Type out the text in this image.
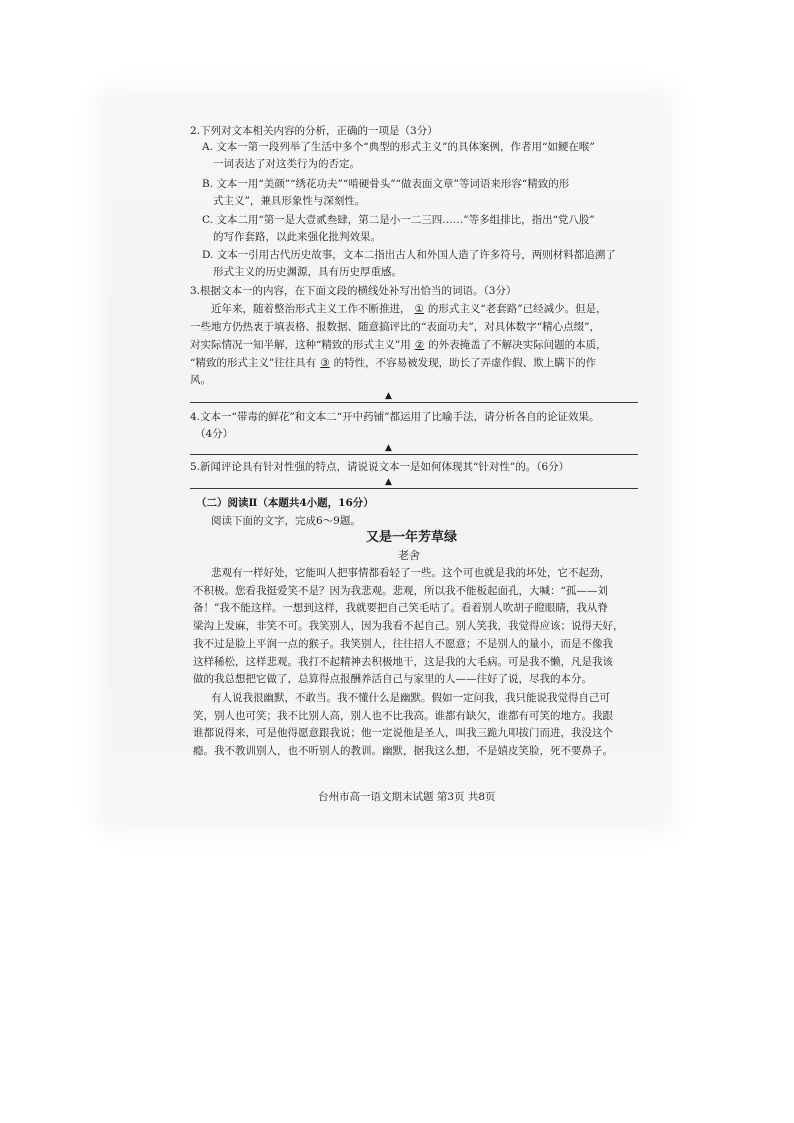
2.下列对文本相关内容的分析，正确的一项是（3分）
A. 文本一第一段列举了生活中多个“典型的形式主义”的具体案例，作者用“如鲠在喉”
一词表达了对这类行为的否定。
B. 文本一用“美颜”“绣花功夫”“啃硬骨头”“做表面文章”等词语来形容“精致的形
式主义”，兼具形象性与深刻性。
C. 文本二用“第一是大壹贰叁肆，第二是小一二三四……”等多组排比，指出“党八股”
的写作套路，以此来强化批判效果。
D. 文本一引用古代历史故事，文本二指出古人和外国人造了许多符号，两则材料都追溯了
形式主义的历史渊源，具有历史厚重感。
3.根据文本一的内容，在下面文段的横线处补写出恰当的词语。（3分）
近年来，随着整治形式主义工作不断推进， ① 的形式主义“老套路”已经减少。但是，
一些地方仍热衷于填表格、报数据、随意搞评比的“表面功夫”，对具体数字“精心点缀”，
对实际情况一知半解，这种“精致的形式主义”用 ② 的外表掩盖了不解决实际问题的本质，
“精致的形式主义”往往具有 ③ 的特性，不容易被发现，助长了弄虚作假、欺上瞒下的作
风。
▲
4.文本一“带毒的鲜花”和文本二“开中药铺”都运用了比喻手法，请分析各自的论证效果。
（4分）
▲
5.新闻评论具有针对性强的特点，请说说文本一是如何体现其“针对性”的。（6分）
▲
（二）阅读Ⅱ（本题共4小题，16分）
阅读下面的文字，完成6～9题。
又是一年芳草绿
老舍
悲观有一样好处，它能叫人把事情都看轻了一些。这个可也就是我的坏处，它不起劲，
不积极。您看我挺爱笑不是？因为我悲观。悲观，所以我不能板起面孔，大喊：“孤——刘
备！”我不能这样。一想到这样，我就要把自己笑毛咕了。看着别人吹胡子瞪眼睛，我从脊
梁沟上发麻，非笑不可。我笑别人，因为我看不起自己。别人笑我，我觉得应该；说得天好，
我不过是脸上平润一点的猴子。我笑别人，往往招人不愿意；不是别人的量小，而是不像我
这样稀松，这样悲观。我打不起精神去积极地干，这是我的大毛病。可是我不懒，凡是我该
做的我总想把它做了，总算得点报酬养活自己与家里的人——往好了说，尽我的本分。
有人说我很幽默，不敢当。我不懂什么是幽默。假如一定问我，我只能说我觉得自己可
笑，别人也可笑；我不比别人高，别人也不比我高。谁都有缺欠，谁都有可笑的地方。我跟
谁都说得来，可是他得愿意跟我说；他一定说他是圣人，叫我三跪九叩拔门而进，我没这个
瘾。我不教训别人，也不听别人的教训。幽默，据我这么想，不是嬉皮笑脸，死不要鼻子。
台州市高一语文期末试题 第3页 共8页
